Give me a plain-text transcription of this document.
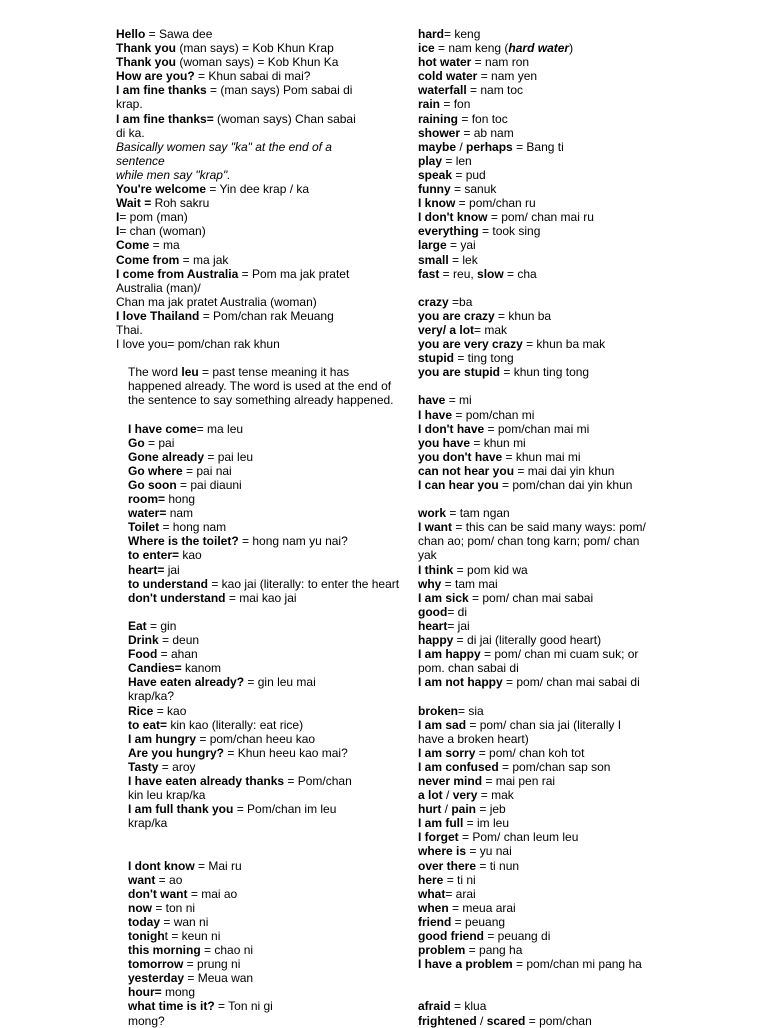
Hello = Sawa dee
Thank you (man says) = Kob Khun Krap
Thank you (woman says) = Kob Khun Ka
How are you? = Khun sabai di mai?
I am fine thanks = (man says) Pom sabai di
krap.
I am fine thanks= (woman says) Chan sabai
di ka.
Basically women say "ka" at the end of a
sentence
while men say "krap".
You're welcome = Yin dee krap / ka
Wait = Roh sakru
I= pom (man)
I= chan (woman)
Come = ma
Come from = ma jak
I come from Australia = Pom ma jak pratet
Australia (man)/
Chan ma jak pratet Australia (woman)
I love Thailand = Pom/chan rak Meuang
Thai.
I love you= pom/chan rak khun
The word leu = past tense meaning it has
happened already. The word is used at the end of
the sentence to say something already happened.
I have come= ma leu
Go = pai
Gone already = pai leu
Go where = pai nai
Go soon = pai diauni
room= hong
water= nam
Toilet = hong nam
Where is the toilet? = hong nam yu nai?
to enter= kao
heart= jai
to understand = kao jai (literally: to enter the heart
don't understand = mai kao jai
Eat = gin
Drink = deun
Food = ahan
Candies= kanom
Have eaten already? = gin leu mai
krap/ka?
Rice = kao
to eat= kin kao (literally: eat rice)
I am hungry = pom/chan heeu kao
Are you hungry? = Khun heeu kao mai?
Tasty = aroy
I have eaten already thanks = Pom/chan
kin leu krap/ka
I am full thank you = Pom/chan im leu
krap/ka
I dont know = Mai ru
want = ao
don't want = mai ao
now = ton ni
today = wan ni
tonight = keun ni
this morning = chao ni
tomorrow = prung ni
yesterday = Meua wan
hour= mong
what time is it? = Ton ni gi
mong?
hard= keng
ice = nam keng (hard water)
hot water = nam ron
cold water = nam yen
waterfall = nam toc
rain = fon
raining = fon toc
shower = ab nam
maybe / perhaps = Bang ti
play = len
speak = pud
funny = sanuk
I know = pom/chan ru
I don't know = pom/ chan mai ru
everything = took sing
large = yai
small = lek
fast = reu, slow = cha
crazy =ba
you are crazy = khun ba
very/ a lot= mak
you are very crazy = khun ba mak
stupid = ting tong
you are stupid = khun ting tong
have = mi
I have = pom/chan mi
I don't have = pom/chan mai mi
you have = khun mi
you don't have = khun mai mi
can not hear you = mai dai yin khun
I can hear you = pom/chan dai yin khun
work = tam ngan
I want = this can be said many ways: pom/
chan ao; pom/ chan tong karn; pom/ chan
yak
I think = pom kid wa
why = tam mai
I am sick = pom/ chan mai sabai
good= di
heart= jai
happy = di jai (literally good heart)
I am happy = pom/ chan mi cuam suk; or
pom. chan sabai di
I am not happy = pom/ chan mai sabai di
broken= sia
I am sad = pom/ chan sia jai (literally I
have a broken heart)
I am sorry = pom/ chan koh tot
I am confused = pom/chan sap son
never mind = mai pen rai
a lot / very = mak
hurt / pain = jeb
I am full = im leu
I forget = Pom/ chan leum leu
where is = yu nai
over there = ti nun
here = ti ni
what= arai
when = meua arai
friend = peuang
good friend = peuang di
problem = pang ha
I have a problem = pom/chan mi pang ha
afraid = klua
frightened / scared = pom/chan
